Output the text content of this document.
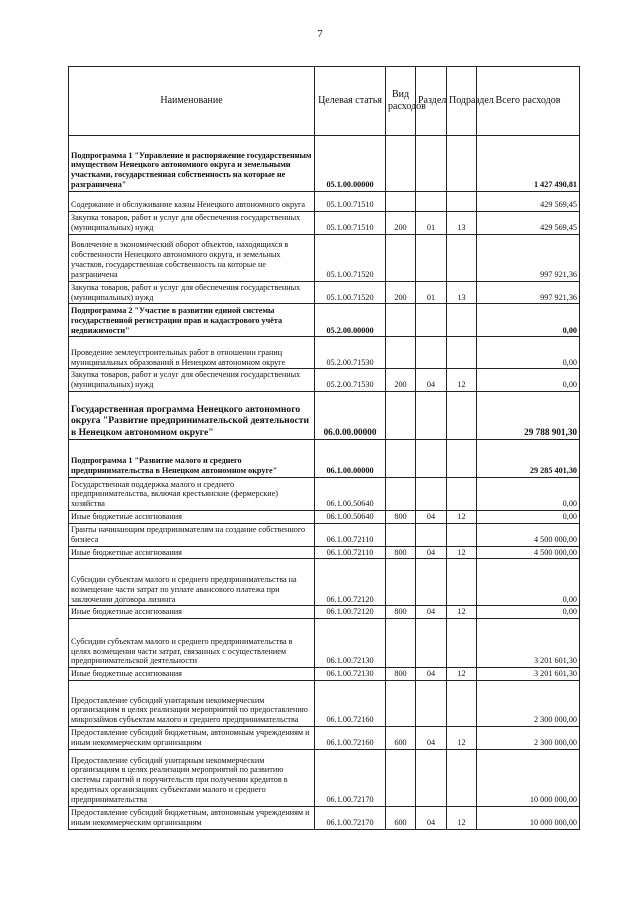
7
Наименование	Целевая статья	Вид расходов	Раздел	Подраздел	Всего расходов
Подпрограмма 1 "Управление и распоряжение государственным имуществом Ненецкого автономного округа и земельными участками, государственная собственность на которые не разграничена"	05.1.00.00000				1 427 490,81
Содержание и обслуживание казны Ненецкого автономного округа	05.1.00.71510				429 569,45
Закупка товаров, работ и услуг для обеспечения государственных (муниципальных) нужд	05.1.00.71510	200	01	13	429 569,45
Вовлечение в экономический оборот объектов, находящихся в собственности Ненецкого автономного округа, и земельных участков, государственная собственность на которые не разграничена	05.1.00.71520				997 921,36
Закупка товаров, работ и услуг для обеспечения государственных (муниципальных) нужд	05.1.00.71520	200	01	13	997 921,36
Подпрограмма 2 "Участие в развитии единой системы государственной регистрации прав и кадастрового учёта недвижимости"	05.2.00.00000				0,00
Проведение землеустроительных работ в отношении границ муниципальных образований в Ненецком автономном округе	05.2.00.71530				0,00
Закупка товаров, работ и услуг для обеспечения государственных (муниципальных) нужд	05.2.00.71530	200	04	12	0,00
Государственная программа Ненецкого автономного округа "Развитие предпринимательской деятельности в Ненецком автономном округе"	06.0.00.00000				29 788 901,30
Подпрограмма 1 "Развитие малого и среднего предпринимательства в Ненецком автономном округе"	06.1.00.00000				29 285 401,30
Государственная поддержка малого и среднего предпринимательства, включая крестьянские (фермерские) хозяйства	06.1.00.50640				0,00
Иные бюджетные ассигнования	06.1.00.50640	800	04	12	0,00
Гранты начинающим предпринимателям на создание собственного бизнеса	06.1.00.72110				4 500 000,00
Иные бюджетные ассигнования	06.1.00.72110	800	04	12	4 500 000,00
Субсидии субъектам малого и среднего предпринимательства на возмещение части затрат по уплате авансового платежа при заключении договора лизинга	06.1.00.72120				0,00
Иные бюджетные ассигнования	06.1.00.72120	800	04	12	0,00
Субсидии субъектам малого и среднего предпринимательства в целях возмещения части затрат, связанных с осуществлением предпринимательской деятельности	06.1.00.72130				3 201 601,30
Иные бюджетные ассигнования	06.1.00.72130	800	04	12	3 201 601,30
Предоставление субсидий унитарным некоммерческим организациям в целях реализации мероприятий по предоставлению микрозаймов субъектам малого и среднего предпринимательства	06.1.00.72160				2 300 000,00
Предоставление субсидий бюджетным, автономным учреждениям и иным некоммерческим организациям	06.1.00.72160	600	04	12	2 300 000,00
Предоставление субсидий унитарным некоммерческим организациям в целях реализации мероприятий по развитию системы гарантий и поручительств при получении кредитов в кредитных организациях субъектами малого и среднего предпринимательства	06.1.00.72170				10 000 000,00
Предоставление субсидий бюджетным, автономным учреждениям и иным некоммерческим организациям	06.1.00.72170	600	04	12	10 000 000,00
